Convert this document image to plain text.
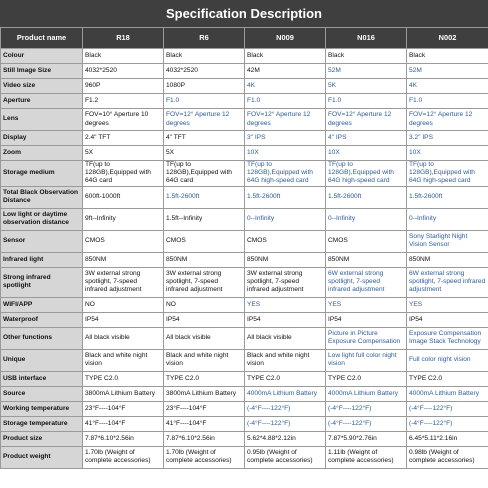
Specification Description
Product name	R18	R6	N009	N016	N002
Colour	Black	Black	Black	Black	Black
Still Image Size	4032*2520	4032*2520	42M	52M	52M
Video size	960P	1080P	4K	5K	4K
Aperture	F1.2	F1.0	F1.0	F1.0	F1.0
Lens	FOV=10° Aperture 10 degrees	FOV=12° Aperture 12 degrees	FOV=12° Aperture 12 degrees	FOV=12° Aperture 12 degrees	FOV=12° Aperture 12 degrees
Display	2.4" TFT	4" TFT	3" IPS	4" IPS	3.2" IPS
Zoom	5X	5X	10X	10X	10X
Storage medium	TF(up to 128GB),Equipped with 64G card	TF(up to 128GB),Equipped with 64G card	TF(up to 128GB),Equipped with 64G high-speed card	TF(up to 128GB),Equipped with 64G high-speed card	TF(up to 128GB),Equipped with 64G high-speed card
Total Black Observation Distance	600ft-1000ft	1.5ft-2600ft	1.5ft-2600ft	1.5ft-2600ft	1.5ft-2600ft
Low light or daytime observation distance	9ft--Infinity	1.5ft--Infinity	0--Infinity	0--Infinity	0--Infinity
Sensor	CMOS	CMOS	CMOS	CMOS	Sony Starlight Night Vision Sensor
Infrared light	850NM	850NM	850NM	850NM	850NM
Strong infrared spotlight	3W external strong spotlight, 7-speed infrared adjustment	3W external strong spotlight, 7-speed infrared adjustment	3W external strong spotlight, 7-speed infrared adjustment	6W external strong spotlight, 7-speed infrared adjustment	6W external strong spotlight, 7-speed infrared adjustment
WIFI/APP	NO	NO	YES	YES	YES
Waterproof	IP54	IP54	IP54	IP54	IP54
Other functions	All black visible	All black visible	All black visible	Picture in Picture Exposure Compensation	Exposure Compensation Image Stack Technology
Unique	Black and white night vision	Black and white night vision	Black and white night vision	Low light full color night vision	Full color night vision
USB interface	TYPE C2.0	TYPE C2.0	TYPE C2.0	TYPE C2.0	TYPE C2.0
Source	3800mA Lithium Battery	3800mA Lithium Battery	4000mA Lithium Battery	4000mA Lithium Battery	4000mA Lithium Battery
Working temperature	23°F----104°F	23°F----104°F	(-4°F----122°F)	(-4°F----122°F)	(-4°F----122°F)
Storage temperature	41°F----104°F	41°F----104°F	(-4°F----122°F)	(-4°F----122°F)	(-4°F----122°F)
Product size	7.87*6.10*2.56in	7.87*6.10*2.56in	5.62*4.88*2.12in	7.87*5.90*2.76in	6.45*5.11*2.16in
Product weight	1.70lb (Weight of complete accessories)	1.70lb (Weight of complete accessories)	0.95lb (Weight of complete accessories)	1.11lb (Weight of complete accessories)	0.98lb (Weight of complete accessories)
